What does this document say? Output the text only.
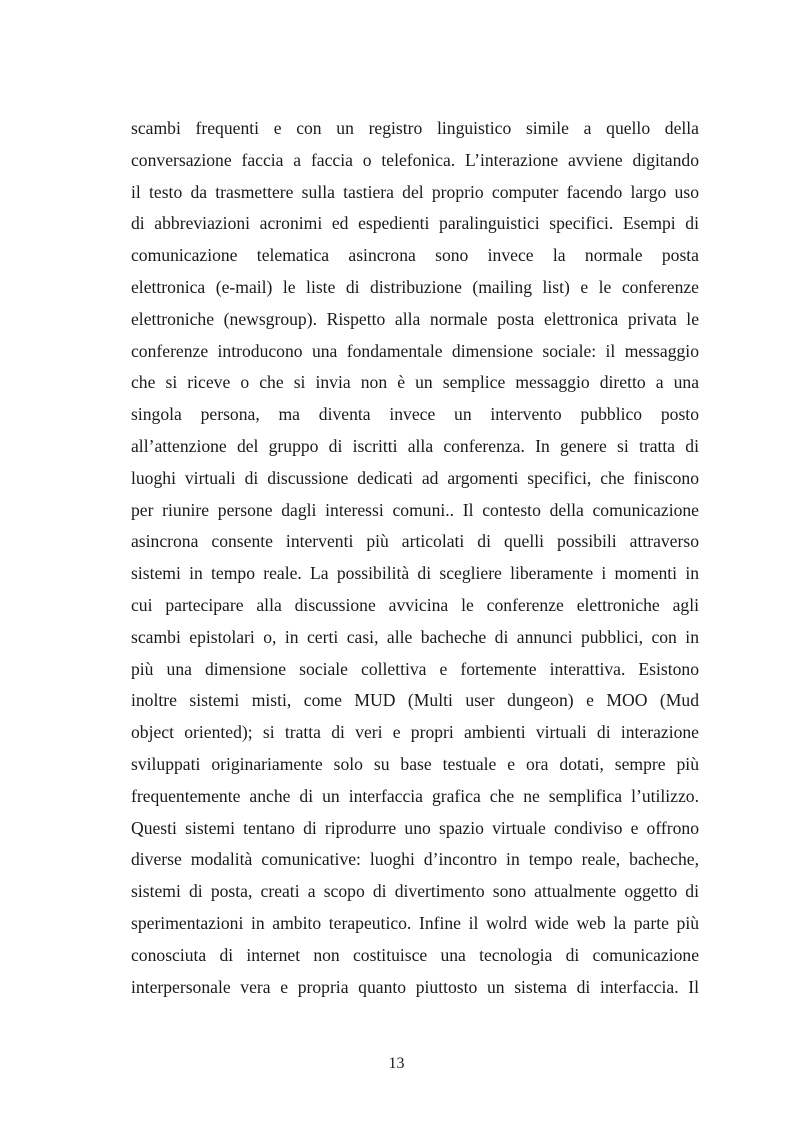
scambi frequenti e con un registro linguistico simile a quello della
conversazione faccia a faccia o telefonica. L’interazione avviene digitando
il testo da trasmettere sulla tastiera del proprio computer facendo largo uso
di abbreviazioni acronimi ed espedienti paralinguistici specifici. Esempi di
comunicazione telematica asincrona sono invece la normale posta
elettronica (e-mail) le liste di distribuzione (mailing list) e le conferenze
elettroniche (newsgroup). Rispetto alla normale posta elettronica privata le
conferenze introducono una fondamentale dimensione sociale: il messaggio
che si riceve o che si invia non è un semplice messaggio diretto a una
singola persona, ma diventa invece un intervento pubblico posto
all’attenzione del gruppo di iscritti alla conferenza. In genere si tratta di
luoghi virtuali di discussione dedicati ad argomenti specifici, che finiscono
per riunire persone dagli interessi comuni.. Il contesto della comunicazione
asincrona consente interventi più articolati di quelli possibili attraverso
sistemi in tempo reale. La possibilità di scegliere liberamente i momenti in
cui partecipare alla discussione avvicina le conferenze elettroniche agli
scambi epistolari o, in certi casi, alle bacheche di annunci pubblici, con in
più una dimensione sociale collettiva e fortemente interattiva. Esistono
inoltre sistemi misti, come MUD (Multi user dungeon) e MOO (Mud
object oriented); si tratta di veri e propri ambienti virtuali di interazione
sviluppati originariamente solo su base testuale e ora dotati, sempre più
frequentemente anche di un interfaccia grafica che ne semplifica l’utilizzo.
Questi sistemi tentano di riprodurre uno spazio virtuale condiviso e offrono
diverse modalità comunicative: luoghi d’incontro in tempo reale, bacheche,
sistemi di posta, creati a scopo di divertimento sono attualmente oggetto di
sperimentazioni in ambito terapeutico. Infine il wolrd wide web la parte più
conosciuta di internet non costituisce una tecnologia di comunicazione
interpersonale vera e propria quanto piuttosto un sistema di interfaccia. Il
13
